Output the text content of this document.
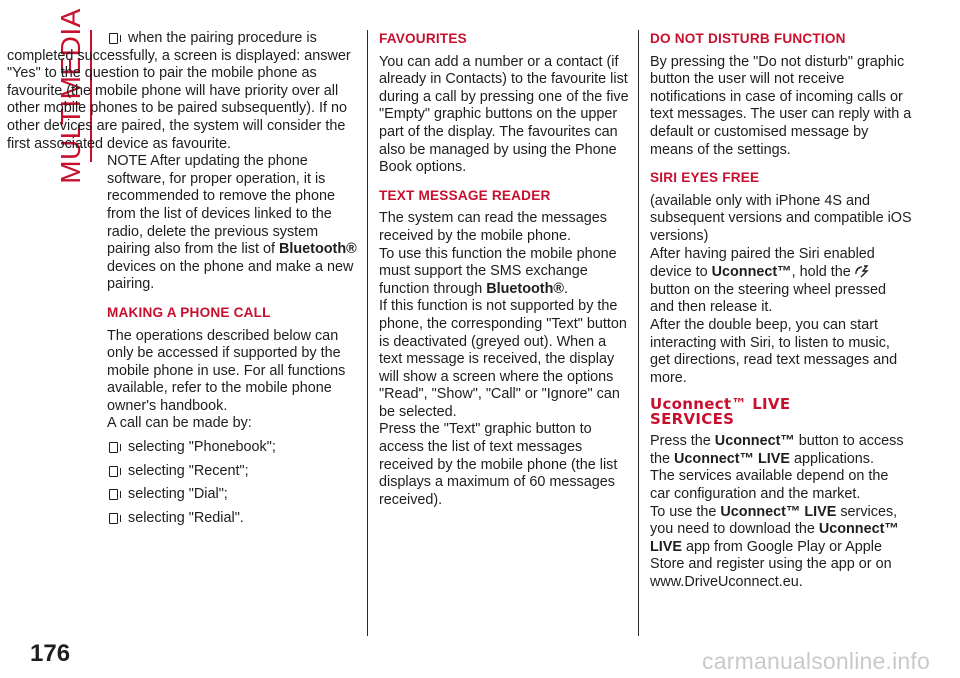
MULTIMEDIA	when the pairing procedure is completed successfully, a screen is displayed: answer "Yes" to the question to pair the mobile phone as favourite (the mobile phone will have priority over all other mobile phones to be paired subsequently). If no other devices are paired, the system will consider the first associated device as favourite.

NOTE After updating the phone software, for proper operation, it is recommended to remove the phone from the list of devices linked to the radio, delete the previous system pairing also from the list of Bluetooth® devices on the phone and make a new pairing.

MAKING A PHONE CALL

The operations described below can only be accessed if supported by the mobile phone in use. For all functions available, refer to the mobile phone owner's handbook.

A call can be made by:

selecting "Phonebook";
selecting "Recent";
selecting "Dial";
selecting "Redial".
FAVOURITES

You can add a number or a contact (if already in Contacts) to the favourite list during a call by pressing one of the five "Empty" graphic buttons on the upper part of the display. The favourites can also be managed by using the Phone Book options.

TEXT MESSAGE READER

The system can read the messages received by the mobile phone.

To use this function the mobile phone must support the SMS exchange function through Bluetooth®.

If this function is not supported by the phone, the corresponding "Text" button is deactivated (greyed out). When a text message is received, the display will show a screen where the options "Read", "Show", "Call" or "Ignore" can be selected.

Press the "Text" graphic button to access the list of text messages received by the mobile phone (the list displays a maximum of 60 messages received).

DO NOT DISTURB FUNCTION

By pressing the "Do not disturb" graphic button the user will not receive notifications in case of incoming calls or text messages. The user can reply with a default or customised message by means of the settings.

SIRI EYES FREE

(available only with iPhone 4S and subsequent versions and compatible iOS versions)

After having paired the Siri enabled device to Uconnect™, hold the  button on the steering wheel pressed and then release it.

After the double beep, you can start interacting with Siri, to listen to music, get directions, read text messages and more.

Uconnect™ LIVE
SERVICES

Press the Uconnect™ button to access the Uconnect™ LIVE applications.

The services available depend on the car configuration and the market.

To use the Uconnect™ LIVE services, you need to download the Uconnect™ LIVE app from Google Play or Apple Store and register using the app or on www.DriveUconnect.eu.

176	carmanualsonline.info
